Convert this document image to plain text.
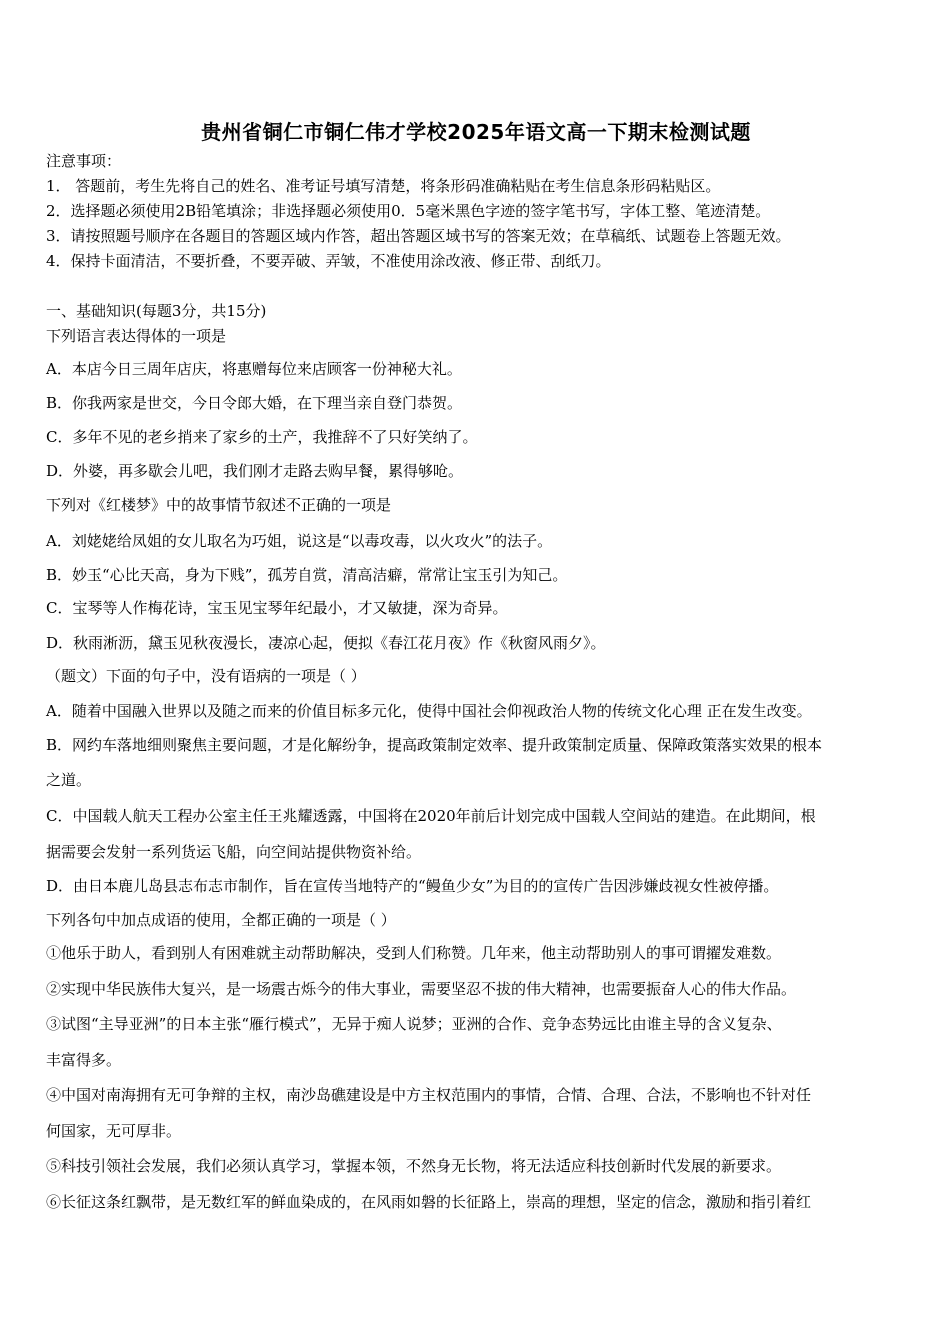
贵州省铜仁市铜仁伟才学校2025年语文高一下期末检测试题
注意事项：
1． 答题前，考生先将自己的姓名、准考证号填写清楚，将条形码准确粘贴在考生信息条形码粘贴区。
2．选择题必须使用2B铅笔填涂；非选择题必须使用0．5毫米黑色字迹的签字笔书写，字体工整、笔迹清楚。
3．请按照题号顺序在各题目的答题区域内作答，超出答题区域书写的答案无效；在草稿纸、试题卷上答题无效。
4．保持卡面清洁，不要折叠，不要弄破、弄皱，不准使用涂改液、修正带、刮纸刀。
一、基础知识(每题3分，共15分)
下列语言表达得体的一项是
A．本店今日三周年店庆，将惠赠每位来店顾客一份神秘大礼。
B．你我两家是世交，今日令郎大婚，在下理当亲自登门恭贺。
C．多年不见的老乡捎来了家乡的土产，我推辞不了只好笑纳了。
D．外婆，再多歇会儿吧，我们刚才走路去购早餐，累得够呛。
下列对《红楼梦》中的故事情节叙述不正确的一项是
A．刘姥姥给凤姐的女儿取名为巧姐，说这是“以毒攻毒，以火攻火”的法子。
B．妙玉“心比天高，身为下贱”，孤芳自赏，清高洁癖，常常让宝玉引为知己。
C．宝琴等人作梅花诗，宝玉见宝琴年纪最小，才又敏捷，深为奇异。
D．秋雨淅沥，黛玉见秋夜漫长，凄凉心起，便拟《春江花月夜》作《秋窗风雨夕》。
（题文）下面的句子中，没有语病的一项是（ ）
A．随着中国融入世界以及随之而来的价值目标多元化，使得中国社会仰视政治人物的传统文化心理 正在发生改变。
B．网约车落地细则聚焦主要问题，才是化解纷争，提高政策制定效率、提升政策制定质量、保障政策落实效果的根本
之道。
C．中国载人航天工程办公室主任王兆耀透露，中国将在2020年前后计划完成中国载人空间站的建造。在此期间，根
据需要会发射一系列货运飞船，向空间站提供物资补给。
D．由日本鹿儿岛县志布志市制作，旨在宣传当地特产的“鳗鱼少女”为目的的宣传广告因涉嫌歧视女性被停播。
下列各句中加点成语的使用，全都正确的一项是（ ）
①他乐于助人，看到别人有困难就主动帮助解决，受到人们称赞。几年来，他主动帮助别人的事可谓擢发难数。
②实现中华民族伟大复兴，是一场震古烁今的伟大事业，需要坚忍不拔的伟大精神，也需要振奋人心的伟大作品。
③试图“主导亚洲”的日本主张“雁行模式”，无异于痴人说梦；亚洲的合作、竞争态势远比由谁主导的含义复杂、
丰富得多。
④中国对南海拥有无可争辩的主权，南沙岛礁建设是中方主权范围内的事情，合情、合理、合法，不影响也不针对任
何国家，无可厚非。
⑤科技引领社会发展，我们必须认真学习，掌握本领，不然身无长物，将无法适应科技创新时代发展的新要求。
⑥长征这条红飘带，是无数红军的鲜血染成的，在风雨如磐的长征路上，崇高的理想，坚定的信念，激励和指引着红
